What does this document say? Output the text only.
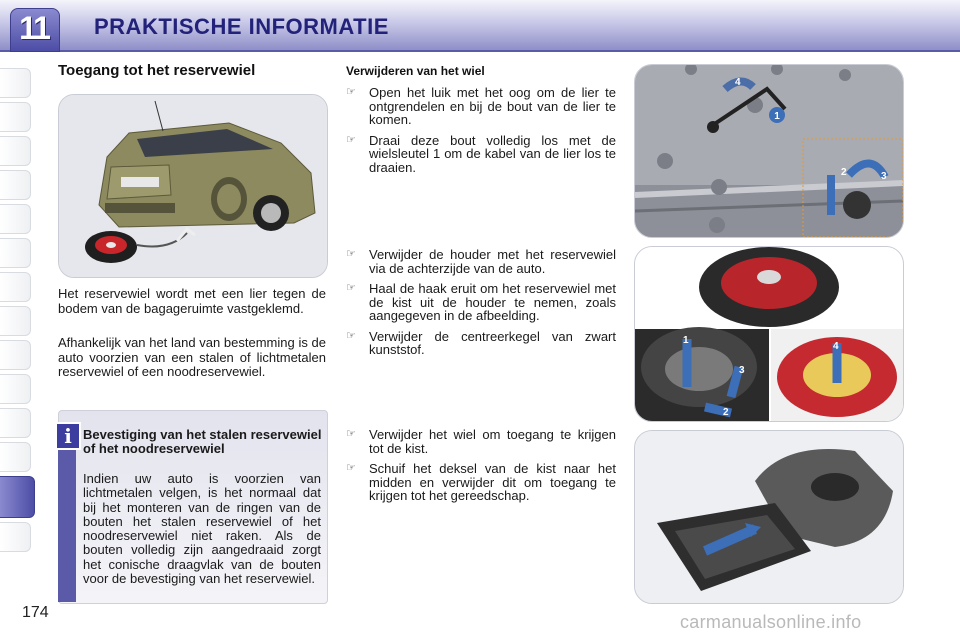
11	PRAKTISCHE INFORMATIE
Toegang tot het reservewiel
Het reservewiel wordt met een lier tegen de bodem van de bagageruimte vastgeklemd.
Afhankelijk van het land van bestemming is de auto voorzien van een stalen of lichtmetalen reservewiel of een noodreservewiel.
i Bevestiging van het stalen reservewiel of het noodreservewiel
Indien uw auto is voorzien van lichtmetalen velgen, is het normaal dat bij het monteren van de ringen van de bouten het stalen reservewiel of het noodreservewiel niet raken. Als de bouten volledig zijn aangedraaid zorgt het conische draagvlak van de bouten voor de bevestiging van het reservewiel.
Verwijderen van het wiel
☞ Open het luik met het oog om de lier te ontgrendelen en bij de bout van de lier te komen.
☞ Draai deze bout volledig los met de wielsleutel 1 om de kabel van de lier los te draaien.
☞ Verwijder de houder met het reservewiel via de achterzijde van de auto.
☞ Haal de haak eruit om het reservewiel met de kist uit de houder te nemen, zoals aangegeven in de afbeelding.
☞ Verwijder de centreerkegel van zwart kunststof.
☞ Verwijder het wiel om toegang te krijgen tot de kist.
☞ Schuif het deksel van de kist naar het midden en verwijder dit om toegang te krijgen tot het gereedschap.
1
4
2	3
1
2
3
4
174	carmanualsonline.info
